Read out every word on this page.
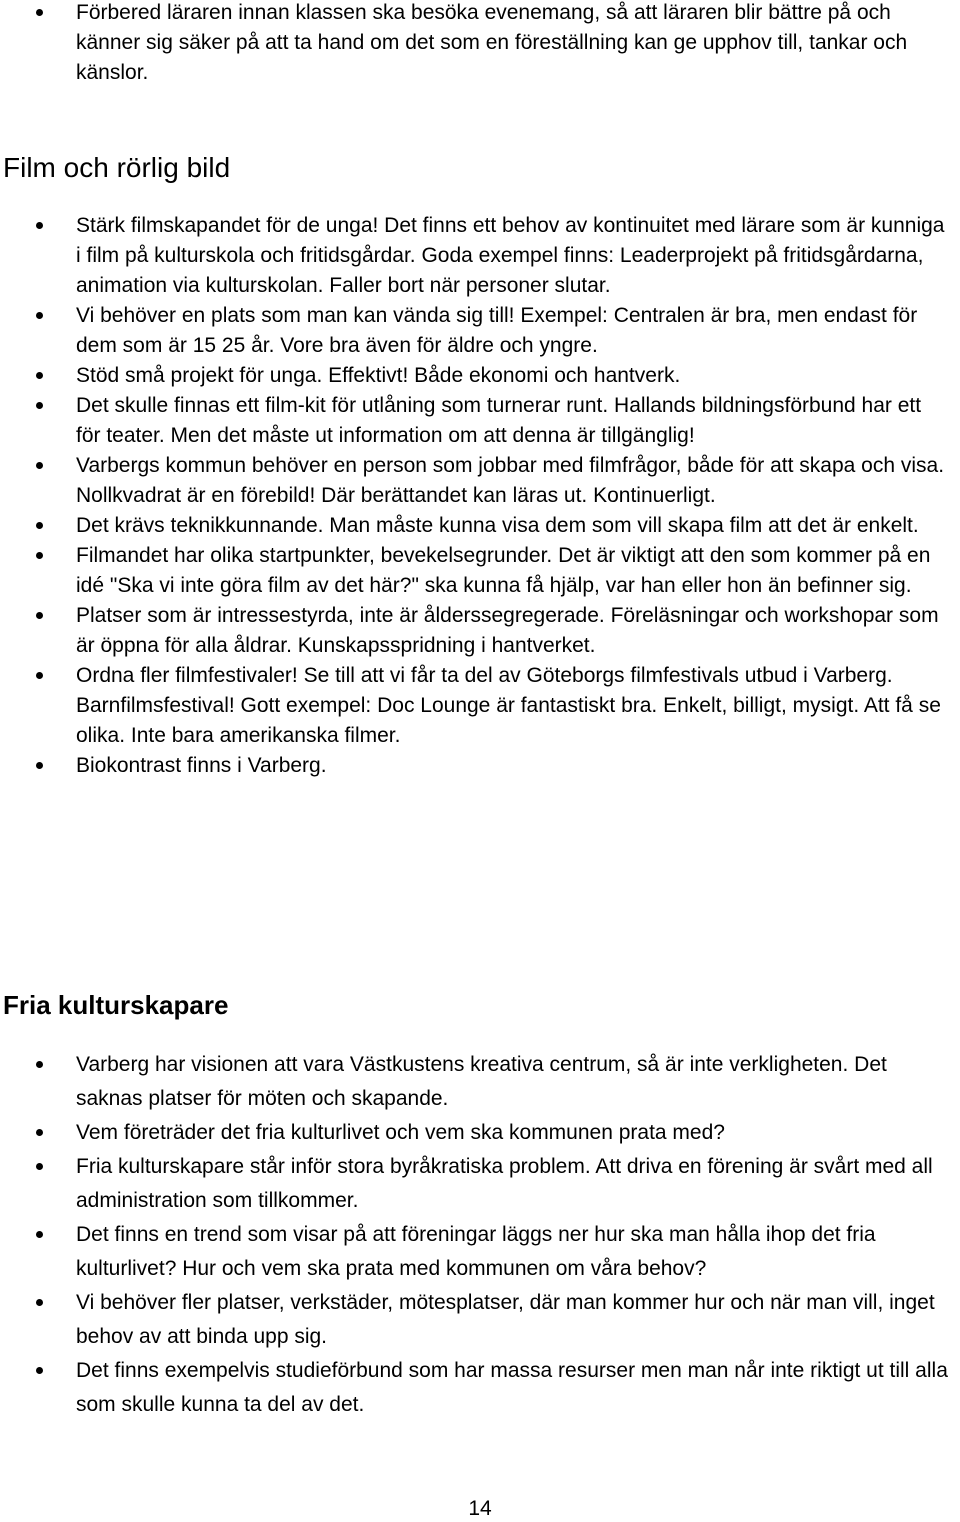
Förbered läraren innan klassen ska besöka evenemang, så att läraren blir bättre på och känner sig säker på att ta hand om det som en föreställning kan ge upphov till, tankar och känslor.
Film och rörlig bild
Stärk filmskapandet för de unga! Det finns ett behov av kontinuitet med lärare som är kunniga i film på kulturskola och fritidsgårdar. Goda exempel finns: Leaderprojekt på fritidsgårdarna, animation via kulturskolan. Faller bort när personer slutar.
Vi behöver en plats som man kan vända sig till! Exempel: Centralen är bra, men endast för dem som är 15 25 år. Vore bra även för äldre och yngre.
Stöd små projekt för unga. Effektivt! Både ekonomi och hantverk.
Det skulle finnas ett film-kit för utlåning som turnerar runt. Hallands bildningsförbund har ett för teater. Men det måste ut information om att denna är tillgänglig!
Varbergs kommun behöver en person som jobbar med filmfrågor, både för att skapa och visa. Nollkvadrat är en förebild! Där berättandet kan läras ut. Kontinuerligt.
Det krävs teknikkunnande. Man måste kunna visa dem som vill skapa film att det är enkelt.
Filmandet har olika startpunkter, bevekelsegrunder. Det är viktigt att den som kommer på en idé "Ska vi inte göra film av det här?" ska kunna få hjälp, var han eller hon än befinner sig.
Platser som är intressestyrda, inte är ålderssegregerade. Föreläsningar och workshopar som är öppna för alla åldrar. Kunskapsspridning i hantverket.
Ordna fler filmfestivaler! Se till att vi får ta del av Göteborgs filmfestivals utbud i Varberg. Barnfilmsfestival! Gott exempel: Doc Lounge är fantastiskt bra. Enkelt, billigt, mysigt. Att få se olika. Inte bara amerikanska filmer.
Biokontrast finns i Varberg.
Fria kulturskapare
Varberg har visionen att vara Västkustens kreativa centrum, så är inte verkligheten. Det saknas platser för möten och skapande.
Vem företräder det fria kulturlivet och vem ska kommunen prata med?
Fria kulturskapare står inför stora byråkratiska problem. Att driva en förening är svårt med all administration som tillkommer.
Det finns en trend som visar på att föreningar läggs ner hur ska man hålla ihop det fria kulturlivet? Hur och vem ska prata med kommunen om våra behov?
Vi behöver fler platser, verkstäder, mötesplatser, där man kommer hur och när man vill, inget behov av att binda upp sig.
Det finns exempelvis studieförbund som har massa resurser men man når inte riktigt ut till alla som skulle kunna ta del av det.
14
